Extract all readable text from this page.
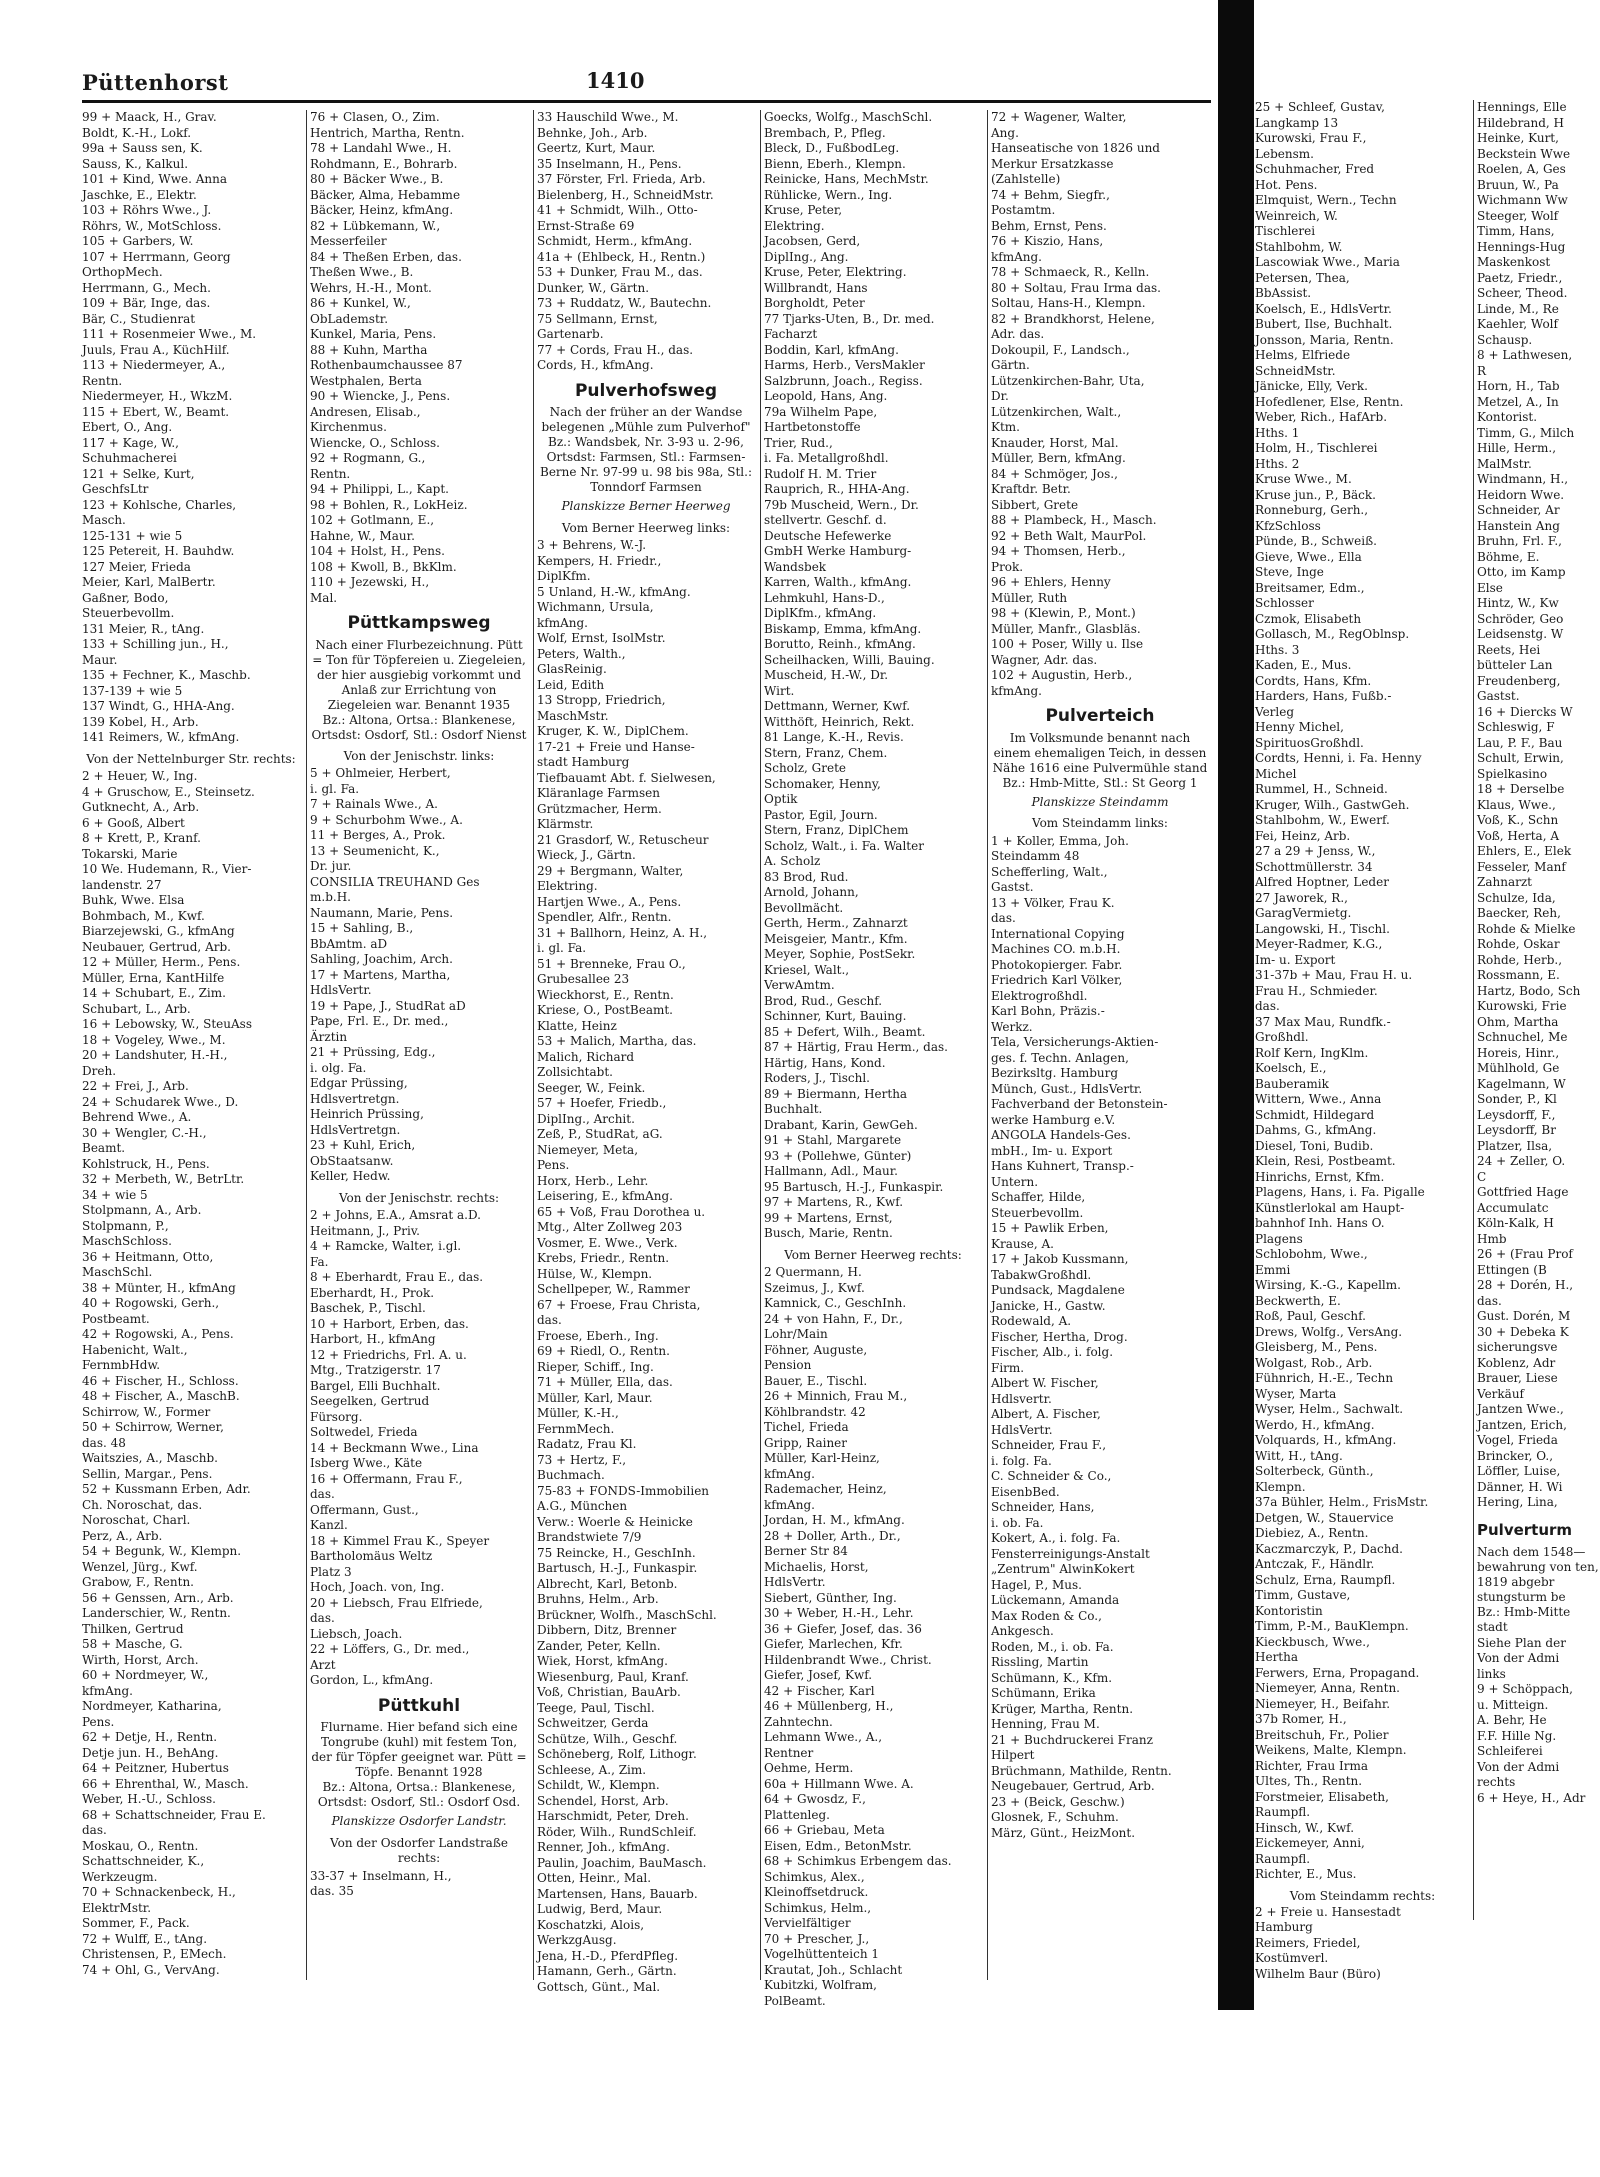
Püttenhorst	1410
99 + Maack, H., Grav.
Boldt, K.-H., Lokf.
99a + Sauss sen, K.
Sauss, K., Kalkul.
101 + Kind, Wwe. Anna
Jaschke, E., Elektr.
103 + Röhrs Wwe., J.
Röhrs, W., MotSchloss.
105 + Garbers, W.
107 + Herrmann, Georg
OrthopMech.
Herrmann, G., Mech.
109 + Bär, Inge, das.
Bär, C., Studienrat
111 + Rosenmeier Wwe., M.
Juuls, Frau A., KüchHilf.
113 + Niedermeyer, A.,
Rentn.
Niedermeyer, H., WkzM.
115 + Ebert, W., Beamt.
Ebert, O., Ang.
117 + Kage, W.,
Schuhmacherei
121 + Selke, Kurt,
GeschfsLtr
123 + Kohlsche, Charles,
Masch.
125-131 + wie 5
125 Petereit, H. Bauhdw.
127 Meier, Frieda
Meier, Karl, MalBertr.
Gaßner, Bodo,
Steuerbevollm.
131 Meier, R., tAng.
133 + Schilling jun., H.,
Maur.
135 + Fechner, K., Maschb.
137-139 + wie 5
137 Windt, G., HHA-Ang.
139 Kobel, H., Arb.
141 Reimers, W., kfmAng.
Von der Nettelnburger Str. rechts:
2 + Heuer, W., Ing.
4 + Gruschow, E., Steinsetz.
Gutknecht, A., Arb.
6 + Gooß, Albert
8 + Krett, P., Kranf.
Tokarski, Marie
10 We. Hudemann, R., Vier-
landenstr. 27
Buhk, Wwe. Elsa
Bohmbach, M., Kwf.
Biarzejewski, G., kfmAng
Neubauer, Gertrud, Arb.
12 + Müller, Herm., Pens.
Müller, Erna, KantHilfe
14 + Schubart, E., Zim.
Schubart, L., Arb.
16 + Lebowsky, W., SteuAss
18 + Vogeley, Wwe., M.
20 + Landshuter, H.-H.,
Dreh.
22 + Frei, J., Arb.
24 + Schudarek Wwe., D.
Behrend Wwe., A.
30 + Wengler, C.-H.,
Beamt.
Kohlstruck, H., Pens.
32 + Merbeth, W., BetrLtr.
34 + wie 5
Stolpmann, A., Arb.
Stolpmann, P.,
MaschSchloss.
36 + Heitmann, Otto,
MaschSchl.
38 + Münter, H., kfmAng
40 + Rogowski, Gerh.,
Postbeamt.
42 + Rogowski, A., Pens.
Habenicht, Walt.,
FernmbHdw.
46 + Fischer, H., Schloss.
48 + Fischer, A., MaschB.
Schirrow, W., Former
50 + Schirrow, Werner,
das. 48
Waitszies, A., Maschb.
Sellin, Margar., Pens.
52 + Kussmann Erben, Adr.
Ch. Noroschat, das.
Noroschat, Charl.
Perz, A., Arb.
54 + Begunk, W., Klempn.
Wenzel, Jürg., Kwf.
Grabow, F., Rentn.
56 + Genssen, Arn., Arb.
Landerschier, W., Rentn.
Thilken, Gertrud
58 + Masche, G.
Wirth, Horst, Arch.
60 + Nordmeyer, W.,
kfmAng.
Nordmeyer, Katharina,
Pens.
62 + Detje, H., Rentn.
Detje jun. H., BehAng.
64 + Peitzner, Hubertus
66 + Ehrenthal, W., Masch.
Weber, H.-U., Schloss.
68 + Schattschneider, Frau E.
das.
Moskau, O., Rentn.
Schattschneider, K.,
Werkzeugm.
70 + Schnackenbeck, H.,
ElektrMstr.
Sommer, F., Pack.
72 + Wulff, E., tAng.
Christensen, P., EMech.
74 + Ohl, G., VervAng.
76 + Clasen, O., Zim.
Hentrich, Martha, Rentn.
78 + Landahl Wwe., H.
Rohdmann, E., Bohrarb.
80 + Bäcker Wwe., B.
Bäcker, Alma, Hebamme
Bäcker, Heinz, kfmAng.
82 + Lübkemann, W.,
Messerfeiler
84 + Theßen Erben, das.
Theßen Wwe., B.
Wehrs, H.-H., Mont.
86 + Kunkel, W.,
ObLademstr.
Kunkel, Maria, Pens.
88 + Kuhn, Martha
Rothenbaumchaussee 87
Westphalen, Berta
90 + Wiencke, J., Pens.
Andresen, Elisab.,
Kirchenmus.
Wiencke, O., Schloss.
92 + Rogmann, G.,
Rentn.
94 + Philippi, L., Kapt.
98 + Bohlen, R., LokHeiz.
102 + Gotlmann, E.,
Hahne, W., Maur.
104 + Holst, H., Pens.
108 + Kwoll, B., BkKlm.
110 + Jezewski, H.,
Mal.
Püttkampsweg
Nach einer Flurbezeichnung. Pütt = Ton für Töpfereien u. Ziegeleien, der hier ausgiebig vorkommt und Anlaß zur Errichtung von Ziegeleien war. Benannt 1935
Bz.: Altona, Ortsa.: Blankenese, Ortsdst: Osdorf, Stl.: Osdorf Nienst
Von der Jenischstr. links:
5 + Ohlmeier, Herbert,
i. gl. Fa.
7 + Rainals Wwe., A.
9 + Schurbohm Wwe., A.
11 + Berges, A., Prok.
13 + Seumenicht, K.,
Dr. jur.
CONSILIA TREUHAND Ges
m.b.H.
Naumann, Marie, Pens.
15 + Sahling, B.,
BbAmtm. aD
Sahling, Joachim, Arch.
17 + Martens, Martha,
HdlsVertr.
19 + Pape, J., StudRat aD
Pape, Frl. E., Dr. med.,
Ärztin
21 + Prüssing, Edg.,
i. olg. Fa.
Edgar Prüssing,
Hdlsvertretgn.
Heinrich Prüssing,
HdlsVertretgn.
23 + Kuhl, Erich,
ObStaatsanw.
Keller, Hedw.
Von der Jenischstr. rechts:
2 + Johns, E.A., Amsrat a.D.
Heitmann, J., Priv.
4 + Ramcke, Walter, i.gl.
Fa.
8 + Eberhardt, Frau E., das.
Eberhardt, H., Prok.
Baschek, P., Tischl.
10 + Harbort, Erben, das.
Harbort, H., kfmAng
12 + Friedrichs, Frl. A. u.
Mtg., Tratzigerstr. 17
Bargel, Elli Buchhalt.
Seegelken, Gertrud
Fürsorg.
Soltwedel, Frieda
14 + Beckmann Wwe., Lina
Isberg Wwe., Käte
16 + Offermann, Frau F.,
das.
Offermann, Gust.,
Kanzl.
18 + Kimmel Frau K., Speyer
Bartholomäus Weltz
Platz 3
Hoch, Joach. von, Ing.
20 + Liebsch, Frau Elfriede,
das.
Liebsch, Joach.
22 + Löffers, G., Dr. med.,
Arzt
Gordon, L., kfmAng.
Püttkuhl
Flurname. Hier befand sich eine Tongrube (kuhl) mit festem Ton, der für Töpfer geeignet war. Pütt = Töpfe. Benannt 1928
Bz.: Altona, Ortsa.: Blankenese, Ortsdst: Osdorf, Stl.: Osdorf Osd.
Planskizze Osdorfer Landstr.
Von der Osdorfer Landstraße rechts:
33-37 + Inselmann, H.,
das. 35
33 Hauschild Wwe., M.
Behnke, Joh., Arb.
Geertz, Kurt, Maur.
35 Inselmann, H., Pens.
37 Förster, Frl. Frieda, Arb.
Bielenberg, H., SchneidMstr.
41 + Schmidt, Wilh., Otto-
Ernst-Straße 69
Schmidt, Herm., kfmAng.
41a + (Ehlbeck, H., Rentn.)
53 + Dunker, Frau M., das.
Dunker, W., Gärtn.
73 + Ruddatz, W., Bautechn.
75 Sellmann, Ernst,
Gartenarb.
77 + Cords, Frau H., das.
Cords, H., kfmAng.
Pulverhofsweg
Nach der früher an der Wandse belegenen „Mühle zum Pulverhof"
Bz.: Wandsbek, Nr. 3-93 u. 2-96, Ortsdst: Farmsen, Stl.: Farmsen-Berne Nr. 97-99 u. 98 bis 98a, Stl.: Tonndorf Farmsen
Planskizze Berner Heerweg
Vom Berner Heerweg links:
3 + Behrens, W.-J.
Kempers, H. Friedr.,
DiplKfm.
5 Unland, H.-W., kfmAng.
Wichmann, Ursula,
kfmAng.
Wolf, Ernst, IsolMstr.
Peters, Walth.,
GlasReinig.
Leid, Edith
13 Stropp, Friedrich,
MaschMstr.
Kruger, K. W., DiplChem.
17-21 + Freie und Hanse-
stadt Hamburg
Tiefbauamt Abt. f. Sielwesen,
Kläranlage Farmsen
Grützmacher, Herm.
Klärmstr.
21 Grasdorf, W., Retuscheur
Wieck, J., Gärtn.
29 + Bergmann, Walter,
Elektring.
Hartjen Wwe., A., Pens.
Spendler, Alfr., Rentn.
31 + Ballhorn, Heinz, A. H.,
i. gl. Fa.
51 + Brenneke, Frau O.,
Grubesallee 23
Wieckhorst, E., Rentn.
Kriese, O., PostBeamt.
Klatte, Heinz
53 + Malich, Martha, das.
Malich, Richard
Zollsichtabt.
Seeger, W., Feink.
57 + Hoefer, Friedb.,
DiplIng., Archit.
Zeß, P., StudRat, aG.
Niemeyer, Meta,
Pens.
Horx, Herb., Lehr.
Leisering, E., kfmAng.
65 + Voß, Frau Dorothea u.
Mtg., Alter Zollweg 203
Vosmer, E. Wwe., Verk.
Krebs, Friedr., Rentn.
Hülse, W., Klempn.
Schellpeper, W., Rammer
67 + Froese, Frau Christa,
das.
Froese, Eberh., Ing.
69 + Riedl, O., Rentn.
Rieper, Schiff., Ing.
71 + Müller, Ella, das.
Müller, Karl, Maur.
Müller, K.-H.,
FernmMech.
Radatz, Frau Kl.
73 + Hertz, F.,
Buchmach.
75-83 + FONDS-Immobilien
A.G., München
Verw.: Woerle & Heinicke
Brandstwiete 7/9
75 Reincke, H., GeschInh.
Bartusch, H.-J., Funkaspir.
Albrecht, Karl, Betonb.
Bruhns, Helm., Arb.
Brückner, Wolfh., MaschSchl.
Dibbern, Ditz, Brenner
Zander, Peter, Kelln.
Wiek, Horst, kfmAng.
Wiesenburg, Paul, Kranf.
Voß, Christian, BauArb.
Teege, Paul, Tischl.
Schweitzer, Gerda
Schütze, Wilh., Geschf.
Schöneberg, Rolf, Lithogr.
Schleese, A., Zim.
Schildt, W., Klempn.
Schendel, Horst, Arb.
Harschmidt, Peter, Dreh.
Röder, Wilh., RundSchleif.
Renner, Joh., kfmAng.
Paulin, Joachim, BauMasch.
Otten, Heinr., Mal.
Martensen, Hans, Bauarb.
Ludwig, Berd, Maur.
Koschatzki, Alois,
WerkzgAusg.
Jena, H.-D., PferdPfleg.
Hamann, Gerh., Gärtn.
Gottsch, Günt., Mal.
Goecks, Wolfg., MaschSchl.
Brembach, P., Pfleg.
Bleck, D., FußbodLeg.
Bienn, Eberh., Klempn.
Reinicke, Hans, MechMstr.
Rühlicke, Wern., Ing.
Kruse, Peter,
Elektring.
Jacobsen, Gerd,
DiplIng., Ang.
Kruse, Peter, Elektring.
Willbrandt, Hans
Borgholdt, Peter
77 Tjarks-Uten, B., Dr. med.
Facharzt
Boddin, Karl, kfmAng.
Harms, Herb., VersMakler
Salzbrunn, Joach., Regiss.
Leopold, Hans, Ang.
79a Wilhelm Pape,
Hartbetonstoffe
Trier, Rud.,
i. Fa. Metallgroßhdl.
Rudolf H. M. Trier
Rauprich, R., HHA-Ang.
79b Muscheid, Wern., Dr.
stellvertr. Geschf. d.
Deutsche Hefewerke
GmbH Werke Hamburg-
Wandsbek
Karren, Walth., kfmAng.
Lehmkuhl, Hans-D.,
DiplKfm., kfmAng.
Biskamp, Emma, kfmAng.
Borutto, Reinh., kfmAng.
Scheilhacken, Willi, Bauing.
Muscheid, H.-W., Dr.
Wirt.
Dettmann, Werner, Kwf.
Witthöft, Heinrich, Rekt.
81 Lange, K.-H., Revis.
Stern, Franz, Chem.
Scholz, Grete
Schomaker, Henny,
Optik
Pastor, Egil, Journ.
Stern, Franz, DiplChem
Scholz, Walt., i. Fa. Walter
A. Scholz
83 Brod, Rud.
Arnold, Johann,
Bevollmächt.
Gerth, Herm., Zahnarzt
Meisgeier, Mantr., Kfm.
Meyer, Sophie, PostSekr.
Kriesel, Walt.,
VerwAmtm.
Brod, Rud., Geschf.
Schinner, Kurt, Bauing.
85 + Defert, Wilh., Beamt.
87 + Härtig, Frau Herm., das.
Härtig, Hans, Kond.
Roders, J., Tischl.
89 + Biermann, Hertha
Buchhalt.
Drabant, Karin, GewGeh.
91 + Stahl, Margarete
93 + (Pollehwe, Günter)
Hallmann, Adl., Maur.
95 Bartusch, H.-J., Funkaspir.
97 + Martens, R., Kwf.
99 + Martens, Ernst,
Busch, Marie, Rentn.
Vom Berner Heerweg rechts:
2 Quermann, H.
Szeimus, J., Kwf.
Kamnick, C., GeschInh.
24 + von Hahn, F., Dr.,
Lohr/Main
Föhner, Auguste,
Pension
Bauer, E., Tischl.
26 + Minnich, Frau M.,
Köhlbrandstr. 42
Tichel, Frieda
Gripp, Rainer
Müller, Karl-Heinz,
kfmAng.
Rademacher, Heinz,
kfmAng.
Jordan, H. M., kfmAng.
28 + Doller, Arth., Dr.,
Berner Str 84
Michaelis, Horst,
HdlsVertr.
Siebert, Günther, Ing.
30 + Weber, H.-H., Lehr.
36 + Giefer, Josef, das. 36
Giefer, Marlechen, Kfr.
Hildenbrandt Wwe., Christ.
Giefer, Josef, Kwf.
42 + Fischer, Karl
46 + Müllenberg, H.,
Zahntechn.
Lehmann Wwe., A.,
Rentner
Oehme, Herm.
60a + Hillmann Wwe. A.
64 + Gwosdz, F.,
Plattenleg.
66 + Griebau, Meta
Eisen, Edm., BetonMstr.
68 + Schimkus Erbengem das.
Schimkus, Alex.,
Kleinoffsetdruck.
Schimkus, Helm.,
Vervielfältiger
70 + Prescher, J.,
Vogelhüttenteich 1
Krautat, Joh., Schlacht
Kubitzki, Wolfram,
PolBeamt.
72 + Wagener, Walter,
Ang.
Hanseatische von 1826 und
Merkur Ersatzkasse
(Zahlstelle)
74 + Behm, Siegfr.,
Postamtm.
Behm, Ernst, Pens.
76 + Kiszio, Hans,
kfmAng.
78 + Schmaeck, R., Kelln.
80 + Soltau, Frau Irma das.
Soltau, Hans-H., Klempn.
82 + Brandkhorst, Helene,
Adr. das.
Dokoupil, F., Landsch.,
Gärtn.
Lützenkirchen-Bahr, Uta,
Dr.
Lützenkirchen, Walt.,
Ktm.
Knauder, Horst, Mal.
Müller, Bern, kfmAng.
84 + Schmöger, Jos.,
Kraftdr. Betr.
Sibbert, Grete
88 + Plambeck, H., Masch.
92 + Beth Walt, MaurPol.
94 + Thomsen, Herb.,
Prok.
96 + Ehlers, Henny
Müller, Ruth
98 + (Klewin, P., Mont.)
Müller, Manfr., Glasbläs.
100 + Poser, Willy u. Ilse
Wagner, Adr. das.
102 + Augustin, Herb.,
kfmAng.
Pulverteich
Im Volksmunde benannt nach einem ehemaligen Teich, in dessen Nähe 1616 eine Pulvermühle stand
Bz.: Hmb-Mitte, Stl.: St Georg 1
Planskizze Steindamm
Vom Steindamm links:
1 + Koller, Emma, Joh.
Steindamm 48
Schefferling, Walt.,
Gastst.
13 + Völker, Frau K.
das.
International Copying
Machines CO. m.b.H.
Photokopierger. Fabr.
Friedrich Karl Völker,
Elektrogroßhdl.
Karl Bohn, Präzis.-
Werkz.
Tela, Versicherungs-Aktien-
ges. f. Techn. Anlagen,
Bezirksltg. Hamburg
Münch, Gust., HdlsVertr.
Fachverband der Betonstein-
werke Hamburg e.V.
ANGOLA Handels-Ges.
mbH., Im- u. Export
Hans Kuhnert, Transp.-
Untern.
Schaffer, Hilde,
Steuerbevollm.
15 + Pawlik Erben,
Krause, A.
17 + Jakob Kussmann,
TabakwGroßhdl.
Pundsack, Magdalene
Janicke, H., Gastw.
Rodewald, A.
Fischer, Hertha, Drog.
Fischer, Alb., i. folg.
Firm.
Albert W. Fischer,
Hdlsvertr.
Albert, A. Fischer,
HdlsVertr.
Schneider, Frau F.,
i. folg. Fa.
C. Schneider & Co.,
EisenbBed.
Schneider, Hans,
i. ob. Fa.
Kokert, A., i. folg. Fa.
Fensterreinigungs-Anstalt
„Zentrum" AlwinKokert
Hagel, P., Mus.
Lückemann, Amanda
Max Roden & Co.,
Ankgesch.
Roden, M., i. ob. Fa.
Rissling, Martin
Schümann, K., Kfm.
Schümann, Erika
Krüger, Martha, Rentn.
Henning, Frau M.
21 + Buchdruckerei Franz
Hilpert
Brüchmann, Mathilde, Rentn.
Neugebauer, Gertrud, Arb.
23 + (Beick, Geschw.)
Glosnek, F., Schuhm.
März, Günt., HeizMont.
25 + Schleef, Gustav,
Langkamp 13
Kurowski, Frau F.,
Lebensm.
Schuhmacher, Fred
Hot. Pens.
Elmquist, Wern., Techn
Weinreich, W.
Tischlerei
Stahlbohm, W.
Lascowiak Wwe., Maria
Petersen, Thea,
BbAssist.
Koelsch, E., HdlsVertr.
Bubert, Ilse, Buchhalt.
Jonsson, Maria, Rentn.
Helms, Elfriede
SchneidMstr.
Jänicke, Elly, Verk.
Hofedlener, Else, Rentn.
Weber, Rich., HafArb.
Hths. 1
Holm, H., Tischlerei
Hths. 2
Kruse Wwe., M.
Kruse jun., P., Bäck.
Ronneburg, Gerh.,
KfzSchloss
Pünde, B., Schweiß.
Gieve, Wwe., Ella
Steve, Inge
Breitsamer, Edm.,
Schlosser
Czmok, Elisabeth
Gollasch, M., RegOblnsp.
Hths. 3
Kaden, E., Mus.
Cordts, Hans, Kfm.
Harders, Hans, Fußb.-
Verleg
Henny Michel,
SpirituosGroßhdl.
Cordts, Henni, i. Fa. Henny
Michel
Rummel, H., Schneid.
Kruger, Wilh., GastwGeh.
Stahlbohm, W., Ewerf.
Fei, Heinz, Arb.
27 a 29 + Jenss, W.,
Schottmüllerstr. 34
Alfred Hoptner, Leder
27 Jaworek, R.,
GaragVermietg.
Langowski, H., Tischl.
Meyer-Radmer, K.G.,
Im- u. Export
31-37b + Mau, Frau H. u.
Frau H., Schmieder.
das.
37 Max Mau, Rundfk.-
Großhdl.
Rolf Kern, IngKlm.
Koelsch, E.,
Bauberamik
Wittern, Wwe., Anna
Schmidt, Hildegard
Dahms, G., kfmAng.
Diesel, Toni, Budib.
Klein, Resi, Postbeamt.
Hinrichs, Ernst, Kfm.
Plagens, Hans, i. Fa. Pigalle
Künstlerlokal am Haupt-
bahnhof Inh. Hans O.
Plagens
Schlobohm, Wwe.,
Emmi
Wirsing, K.-G., Kapellm.
Beckwerth, E.
Roß, Paul, Geschf.
Drews, Wolfg., VersAng.
Gleisberg, M., Pens.
Wolgast, Rob., Arb.
Fühnrich, H.-E., Techn
Wyser, Marta
Wyser, Helm., Sachwalt.
Werdo, H., kfmAng.
Volquards, H., kfmAng.
Witt, H., tAng.
Solterbeck, Günth.,
Klempn.
37a Bühler, Helm., FrisMstr.
Detgen, W., Stauervice
Diebiez, A., Rentn.
Kaczmarczyk, P., Dachd.
Antczak, F., Händlr.
Schulz, Erna, Raumpfl.
Timm, Gustave,
Kontoristin
Timm, P.-M., BauKlempn.
Kieckbusch, Wwe.,
Hertha
Ferwers, Erna, Propagand.
Niemeyer, Anna, Rentn.
Niemeyer, H., Beifahr.
37b Romer, H.,
Breitschuh, Fr., Polier
Weikens, Malte, Klempn.
Richter, Frau Irma
Ultes, Th., Rentn.
Forstmeier, Elisabeth,
Raumpfl.
Hinsch, W., Kwf.
Eickemeyer, Anni,
Raumpfl.
Richter, E., Mus.
Vom Steindamm rechts:
2 + Freie u. Hansestadt
Hamburg
Reimers, Friedel,
Kostümverl.
Wilhelm Baur (Büro)
Hennings, Elle
Hildebrand, H
Heinke, Kurt,
Beckstein Wwe
Roelen, A, Ges
Bruun, W., Pa
Wichmann Ww
Steeger, Wolf
Timm, Hans,
Hennings-Hug
Maskenkost
Paetz, Friedr.,
Scheer, Theod.
Linde, M., Re
Kaehler, Wolf
Schausp.
8 + Lathwesen,
R
Horn, H., Tab
Metzel, A., In
Kontorist.
Timm, G., Milch
Hille, Herm.,
MalMstr.
Windmann, H.,
Heidorn Wwe.
Schneider, Ar
Hanstein Ang
Bruhn, Frl. F.,
Böhme, E.
Otto, im Kamp
Else
Hintz, W., Kw
Schröder, Geo
Leidsenstg. W
Reets, Hei
bütteler Lan
Freudenberg,
Gastst.
16 + Diercks W
Schleswig, F
Lau, P. F., Bau
Schult, Erwin,
Spielkasino
18 + Derselbe
Klaus, Wwe.,
Voß, K., Schn
Voß, Herta, A
Ehlers, E., Elek
Fesseler, Manf
Zahnarzt
Schulze, Ida,
Baecker, Reh,
Rohde & Mielke
Rohde, Oskar
Rohde, Herb.,
Rossmann, E.
Hartz, Bodo, Sch
Kurowski, Frie
Ohm, Martha
Schnuchel, Me
Horeis, Hinr.,
Mühlhold, Ge
Kagelmann, W
Sonder, P., Kl
Leysdorff, F.,
Leysdorff, Br
Platzer, Ilsa,
24 + Zeller, O.
C
Gottfried Hage
Accumulatc
Köln-Kalk, H
Hmb
26 + (Frau Prof
Ettingen (B
28 + Dorén, H.,
das.
Gust. Dorén, M
30 + Debeka K
sicherungsve
Koblenz, Adr
Brauer, Liese
Verkäuf
Jantzen Wwe.,
Jantzen, Erich,
Vogel, Frieda
Brincker, O.,
Löffler, Luise,
Dänner, H. Wi
Hering, Lina,
Pulverturm
Nach dem 1548— bewahrung von ten, 1819 abgebr stungsturm be
Bz.: Hmb-Mitte
stadt
Siehe Plan der
Von der Admi
links
9 + Schöppach,
u. Mitteign.
A. Behr, He
F.F. Hille Ng.
Schleiferei
Von der Admi
rechts
6 + Heye, H., Adr
